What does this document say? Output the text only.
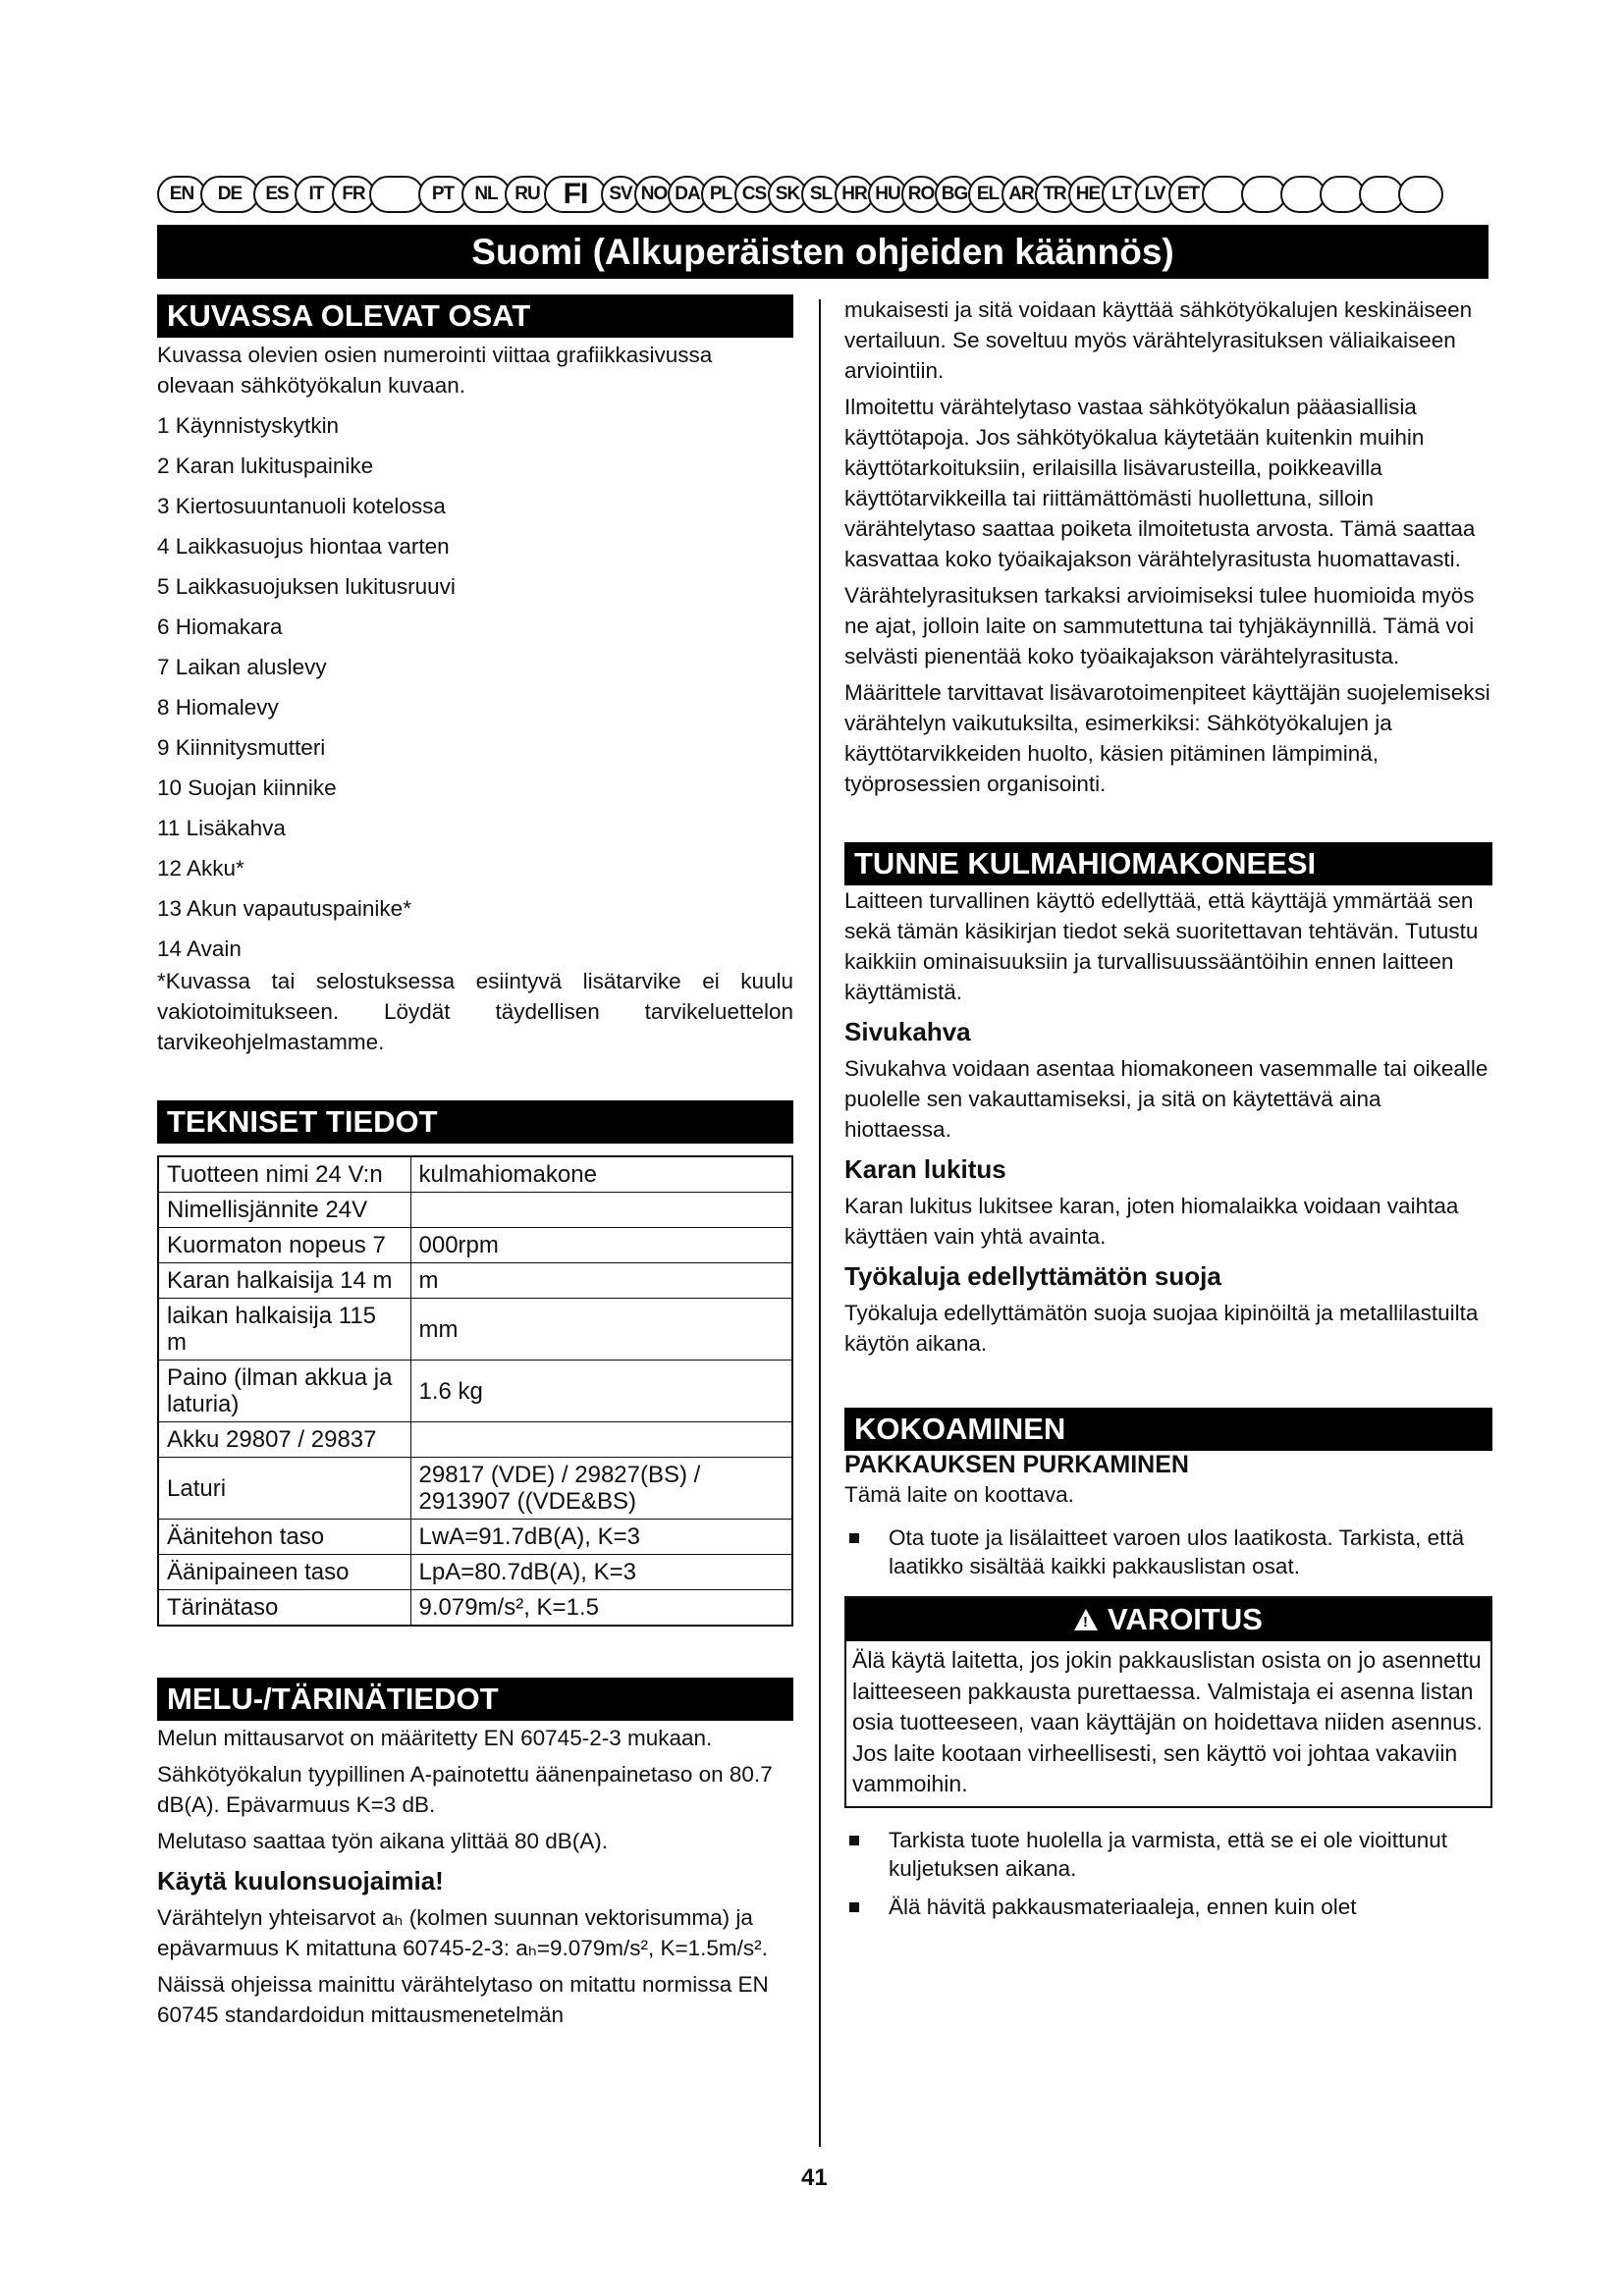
EN	DE	ES	IT FR	PT	NL RU FI	SV NO DA PL CS SK SL HR HU RO BG EL AR TR HE LT LV ET
Suomi (Alkuperäisten ohjeiden käännös)
KUVASSA OLEVAT OSAT
Kuvassa olevien osien numerointi viittaa grafiikkasivussa olevaan sähkötyökalun kuvaan.
1 Käynnistyskytkin
2 Karan lukituspainike
3 Kiertosuuntanuoli kotelossa
4 Laikkasuojus hiontaa varten
5 Laikkasuojuksen lukitusruuvi
6 Hiomakara
7 Laikan aluslevy
8 Hiomalevy
9 Kiinnitysmutteri
10 Suojan kiinnike
11 Lisäkahva
12 Akku*
13 Akun vapautuspainike*
14 Avain
*Kuvassa tai selostuksessa esiintyvä lisätarvike ei kuulu vakiotoimitukseen. Löydät täydellisen tarvikeluettelon tarvikeohjelmastamme.
TEKNISET TIEDOT
Tuotteen nimi 24 V:n	kulmahiomakone
Nimellisjännite 24V	
Kuormaton nopeus 7	000rpm
Karan halkaisija 14 m	m
laikan halkaisija 115 m	mm
Paino (ilman akkua ja laturia)	1.6 kg
Akku 29807 / 29837	
Laturi	29817 (VDE) / 29827(BS) / 2913907 ((VDE&BS)
Äänitehon taso	LwA=91.7dB(A), K=3
Äänipaineen taso	LpA=80.7dB(A), K=3
Tärinätaso	9.079m/s², K=1.5
MELU-/TÄRINÄTIEDOT
Melun mittausarvot on määritetty EN 60745-2-3 mukaan.
Sähkötyökalun tyypillinen A-painotettu äänenpainetaso on 80.7 dB(A). Epävarmuus K=3 dB.
Melutaso saattaa työn aikana ylittää 80 dB(A).
Käytä kuulonsuojaimia!
Värähtelyn yhteisarvot aₕ (kolmen suunnan vektorisumma) ja epävarmuus K mitattuna 60745-2-3: aₕ=9.079m/s², K=1.5m/s².
Näissä ohjeissa mainittu värähtelytaso on mitattu normissa EN 60745 standardoidun mittausmenetelmän
mukaisesti ja sitä voidaan käyttää sähkötyökalujen keskinäiseen vertailuun. Se soveltuu myös värähtelyrasituksen väliaikaiseen arviointiin.
Ilmoitettu värähtelytaso vastaa sähkötyökalun pääasiallisia käyttötapoja. Jos sähkötyökalua käytetään kuitenkin muihin käyttötarkoituksiin, erilaisilla lisävarusteilla, poikkeavilla käyttötarvikkeilla tai riittämättömästi huollettuna, silloin värähtelytaso saattaa poiketa ilmoitetusta arvosta. Tämä saattaa kasvattaa koko työaikajakson värähtelyrasitusta huomattavasti.
Värähtelyrasituksen tarkaksi arvioimiseksi tulee huomioida myös ne ajat, jolloin laite on sammutettuna tai tyhjäkäynnillä. Tämä voi selvästi pienentää koko työaikajakson värähtelyrasitusta.
Määrittele tarvittavat lisävarotoimenpiteet käyttäjän suojelemiseksi värähtelyn vaikutuksilta, esimerkiksi: Sähkötyökalujen ja käyttötarvikkeiden huolto, käsien pitäminen lämpiminä, työprosessien organisointi.
TUNNE KULMAHIOMAKONEESI
Laitteen turvallinen käyttö edellyttää, että käyttäjä ymmärtää sen sekä tämän käsikirjan tiedot sekä suoritettavan tehtävän. Tutustu kaikkiin ominaisuuksiin ja turvallisuussääntöihin ennen laitteen käyttämistä.
Sivukahva
Sivukahva voidaan asentaa hiomakoneen vasemmalle tai oikealle puolelle sen vakauttamiseksi, ja sitä on käytettävä aina hiottaessa.
Karan lukitus
Karan lukitus lukitsee karan, joten hiomalaikka voidaan vaihtaa käyttäen vain yhtä avainta.
Työkaluja edellyttämätön suoja
Työkaluja edellyttämätön suoja suojaa kipinöiltä ja metallilastuilta käytön aikana.
KOKOAMINEN
PAKKAUKSEN PURKAMINEN
Tämä laite on koottava.
Ota tuote ja lisälaitteet varoen ulos laatikosta. Tarkista, että laatikko sisältää kaikki pakkauslistan osat.
! VAROITUS
Älä käytä laitetta, jos jokin pakkauslistan osista on jo asennettu laitteeseen pakkausta purettaessa. Valmistaja ei asenna listan osia tuotteeseen, vaan käyttäjän on hoidettava niiden asennus. Jos laite kootaan virheellisesti, sen käyttö voi johtaa vakaviin vammoihin.
Tarkista tuote huolella ja varmista, että se ei ole vioittunut kuljetuksen aikana.
Älä hävitä pakkausmateriaaleja, ennen kuin olet
41
